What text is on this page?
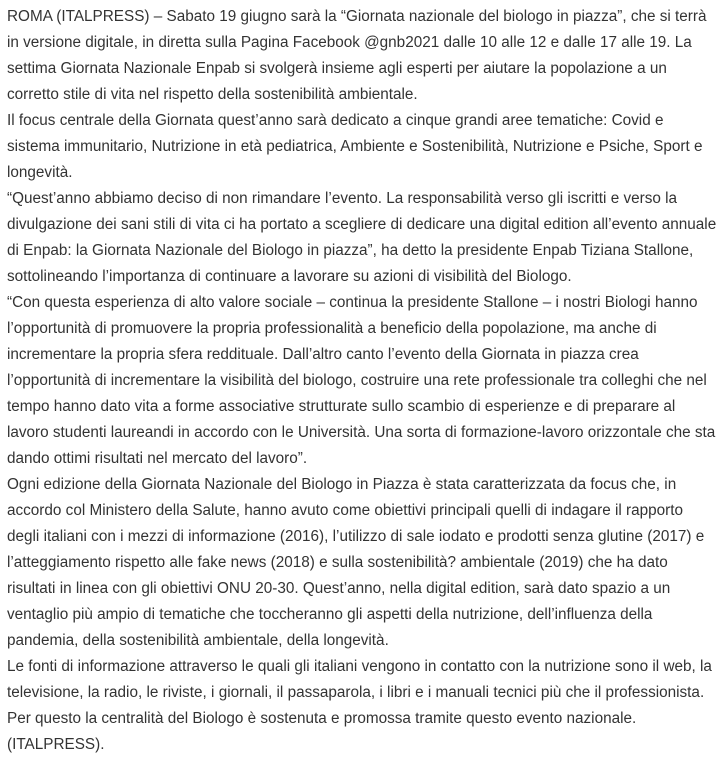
ROMA (ITALPRESS) – Sabato 19 giugno sarà la “Giornata nazionale del biologo in piazza”, che si terrà in versione digitale, in diretta sulla Pagina Facebook @gnb2021 dalle 10 alle 12 e dalle 17 alle 19. La settima Giornata Nazionale Enpab si svolgerà insieme agli esperti per aiutare la popolazione a un corretto stile di vita nel rispetto della sostenibilità ambientale.

Il focus centrale della Giornata quest’anno sarà dedicato a cinque grandi aree tematiche: Covid e sistema immunitario, Nutrizione in età pediatrica, Ambiente e Sostenibilità, Nutrizione e Psiche, Sport e longevità.

“Quest’anno abbiamo deciso di non rimandare l’evento. La responsabilità verso gli iscritti e verso la divulgazione dei sani stili di vita ci ha portato a scegliere di dedicare una digital edition all’evento annuale di Enpab: la Giornata Nazionale del Biologo in piazza”, ha detto la presidente Enpab Tiziana Stallone, sottolineando l’importanza di continuare a lavorare su azioni di visibilità del Biologo.

“Con questa esperienza di alto valore sociale – continua la presidente Stallone – i nostri Biologi hanno l’opportunità di promuovere la propria professionalità a beneficio della popolazione, ma anche di incrementare la propria sfera reddituale. Dall’altro canto l’evento della Giornata in piazza crea l’opportunità di incrementare la visibilità del biologo, costruire una rete professionale tra colleghi che nel tempo hanno dato vita a forme associative strutturate sullo scambio di esperienze e di preparare al lavoro studenti laureandi in accordo con le Università. Una sorta di formazione-lavoro orizzontale che sta dando ottimi risultati nel mercato del lavoro”.

Ogni edizione della Giornata Nazionale del Biologo in Piazza è stata caratterizzata da focus che, in accordo col Ministero della Salute, hanno avuto come obiettivi principali quelli di indagare il rapporto degli italiani con i mezzi di informazione (2016), l’utilizzo di sale iodato e prodotti senza glutine (2017) e l’atteggiamento rispetto alle fake news (2018) e sulla sostenibilità? ambientale (2019) che ha dato risultati in linea con gli obiettivi ONU 20-30. Quest’anno, nella digital edition, sarà dato spazio a un ventaglio più ampio di tematiche che toccheranno gli aspetti della nutrizione, dell’influenza della pandemia, della sostenibilità ambientale, della longevità.

Le fonti di informazione attraverso le quali gli italiani vengono in contatto con la nutrizione sono il web, la televisione, la radio, le riviste, i giornali, il passaparola, i libri e i manuali tecnici più che il professionista. Per questo la centralità del Biologo è sostenuta e promossa tramite questo evento nazionale.

(ITALPRESS).
